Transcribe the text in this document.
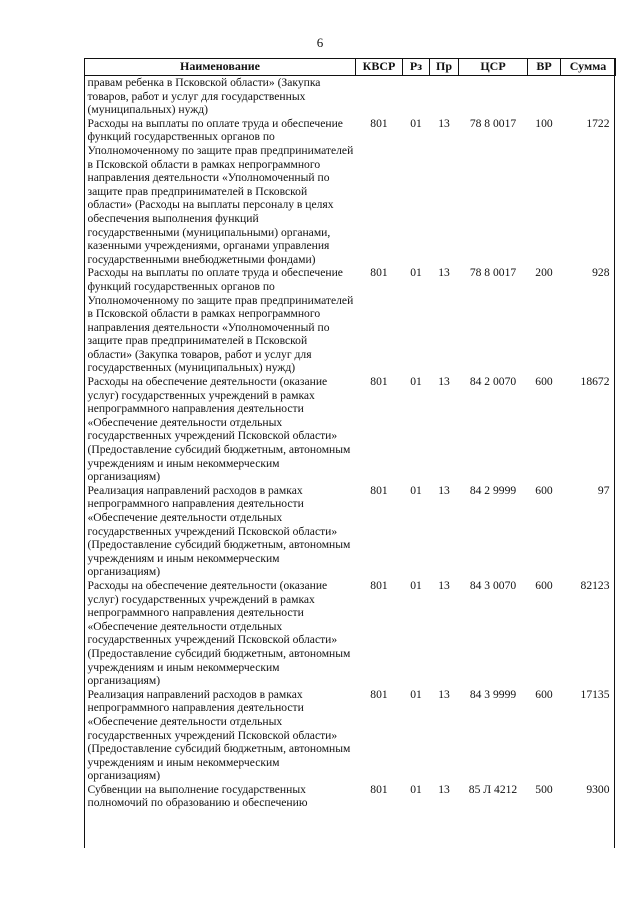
6
Наименование	КВСР	Рз	Пр	ЦСР	ВР	Сумма
правам ребенка в Псковской области» (Закупка товаров, работ и услуг для государственных (муниципальных) нужд)						
Расходы на выплаты по оплате труда и обеспечение функций государственных органов по Уполномоченному по защите прав предпринимателей в Псковской области в рамках непрограммного направления деятельности «Уполномоченный по защите прав предпринимателей в Псковской области» (Расходы на выплаты персоналу в целях обеспечения выполнения функций государственными (муниципальными) органами, казенными учреждениями, органами управления государственными внебюджетными фондами)	801	01	13	78 8 0017	100	1722
Расходы на выплаты по оплате труда и обеспечение функций государственных органов по Уполномоченному по защите прав предпринимателей в Псковской области в рамках непрограммного направления деятельности «Уполномоченный по защите прав предпринимателей в Псковской области» (Закупка товаров, работ и услуг для государственных (муниципальных) нужд)	801	01	13	78 8 0017	200	928
Расходы на обеспечение деятельности (оказание услуг) государственных учреждений в рамках непрограммного направления деятельности «Обеспечение деятельности отдельных государственных учреждений Псковской области» (Предоставление субсидий бюджетным, автономным учреждениям и иным некоммерческим организациям)	801	01	13	84 2 0070	600	18672
Реализация направлений расходов в рамках непрограммного направления деятельности «Обеспечение деятельности отдельных государственных учреждений Псковской области» (Предоставление субсидий бюджетным, автономным учреждениям и иным некоммерческим организациям)	801	01	13	84 2 9999	600	97
Расходы на обеспечение деятельности (оказание услуг) государственных учреждений в рамках непрограммного направления деятельности «Обеспечение деятельности отдельных государственных учреждений Псковской области» (Предоставление субсидий бюджетным, автономным учреждениям и иным некоммерческим организациям)	801	01	13	84 3 0070	600	82123
Реализация направлений расходов в рамках непрограммного направления деятельности «Обеспечение деятельности отдельных государственных учреждений Псковской области» (Предоставление субсидий бюджетным, автономным учреждениям и иным некоммерческим организациям)	801	01	13	84 3 9999	600	17135
Субвенции на выполнение государственных полномочий по образованию и обеспечению	801	01	13	85 Л 4212	500	9300
